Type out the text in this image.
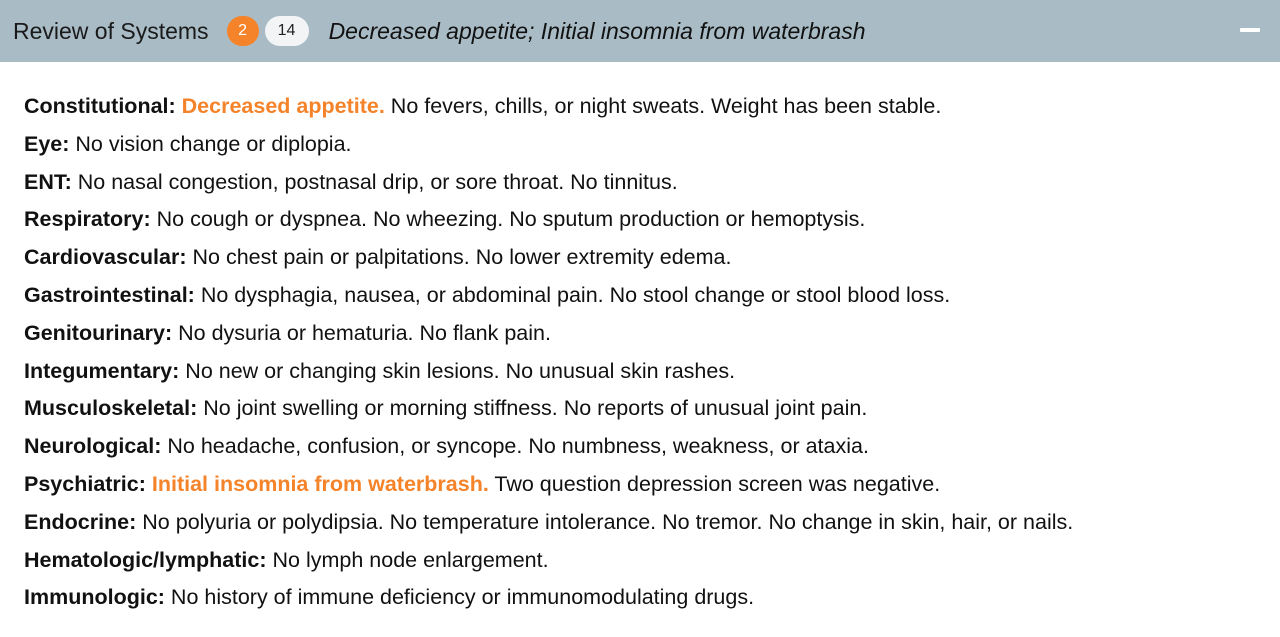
Review of Systems	2	14	Decreased appetite; Initial insomnia from waterbrash
Constitutional: Decreased appetite. No fevers, chills, or night sweats. Weight has been stable.
Eye: No vision change or diplopia.
ENT: No nasal congestion, postnasal drip, or sore throat. No tinnitus.
Respiratory: No cough or dyspnea. No wheezing. No sputum production or hemoptysis.
Cardiovascular: No chest pain or palpitations. No lower extremity edema.
Gastrointestinal: No dysphagia, nausea, or abdominal pain. No stool change or stool blood loss.
Genitourinary: No dysuria or hematuria. No flank pain.
Integumentary: No new or changing skin lesions. No unusual skin rashes.
Musculoskeletal: No joint swelling or morning stiffness. No reports of unusual joint pain.
Neurological: No headache, confusion, or syncope. No numbness, weakness, or ataxia.
Psychiatric: Initial insomnia from waterbrash. Two question depression screen was negative.
Endocrine: No polyuria or polydipsia. No temperature intolerance. No tremor. No change in skin, hair, or nails.
Hematologic/lymphatic: No lymph node enlargement.
Immunologic: No history of immune deficiency or immunomodulating drugs.
